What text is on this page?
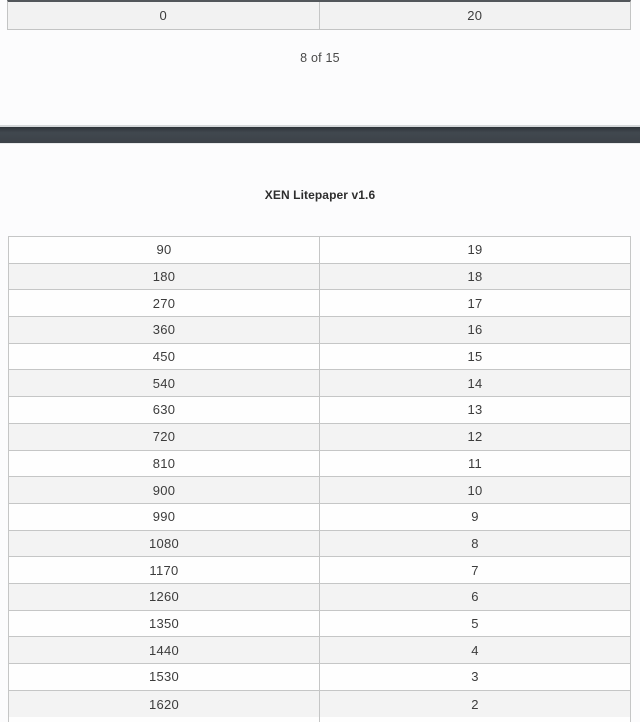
0	20
8 of 15
XEN Litepaper v1.6
90	19
180	18
270	17
360	16
450	15
540	14
630	13
720	12
810	11
900	10
990	9
1080	8
1170	7
1260	6
1350	5
1440	4
1530	3
1620	2
